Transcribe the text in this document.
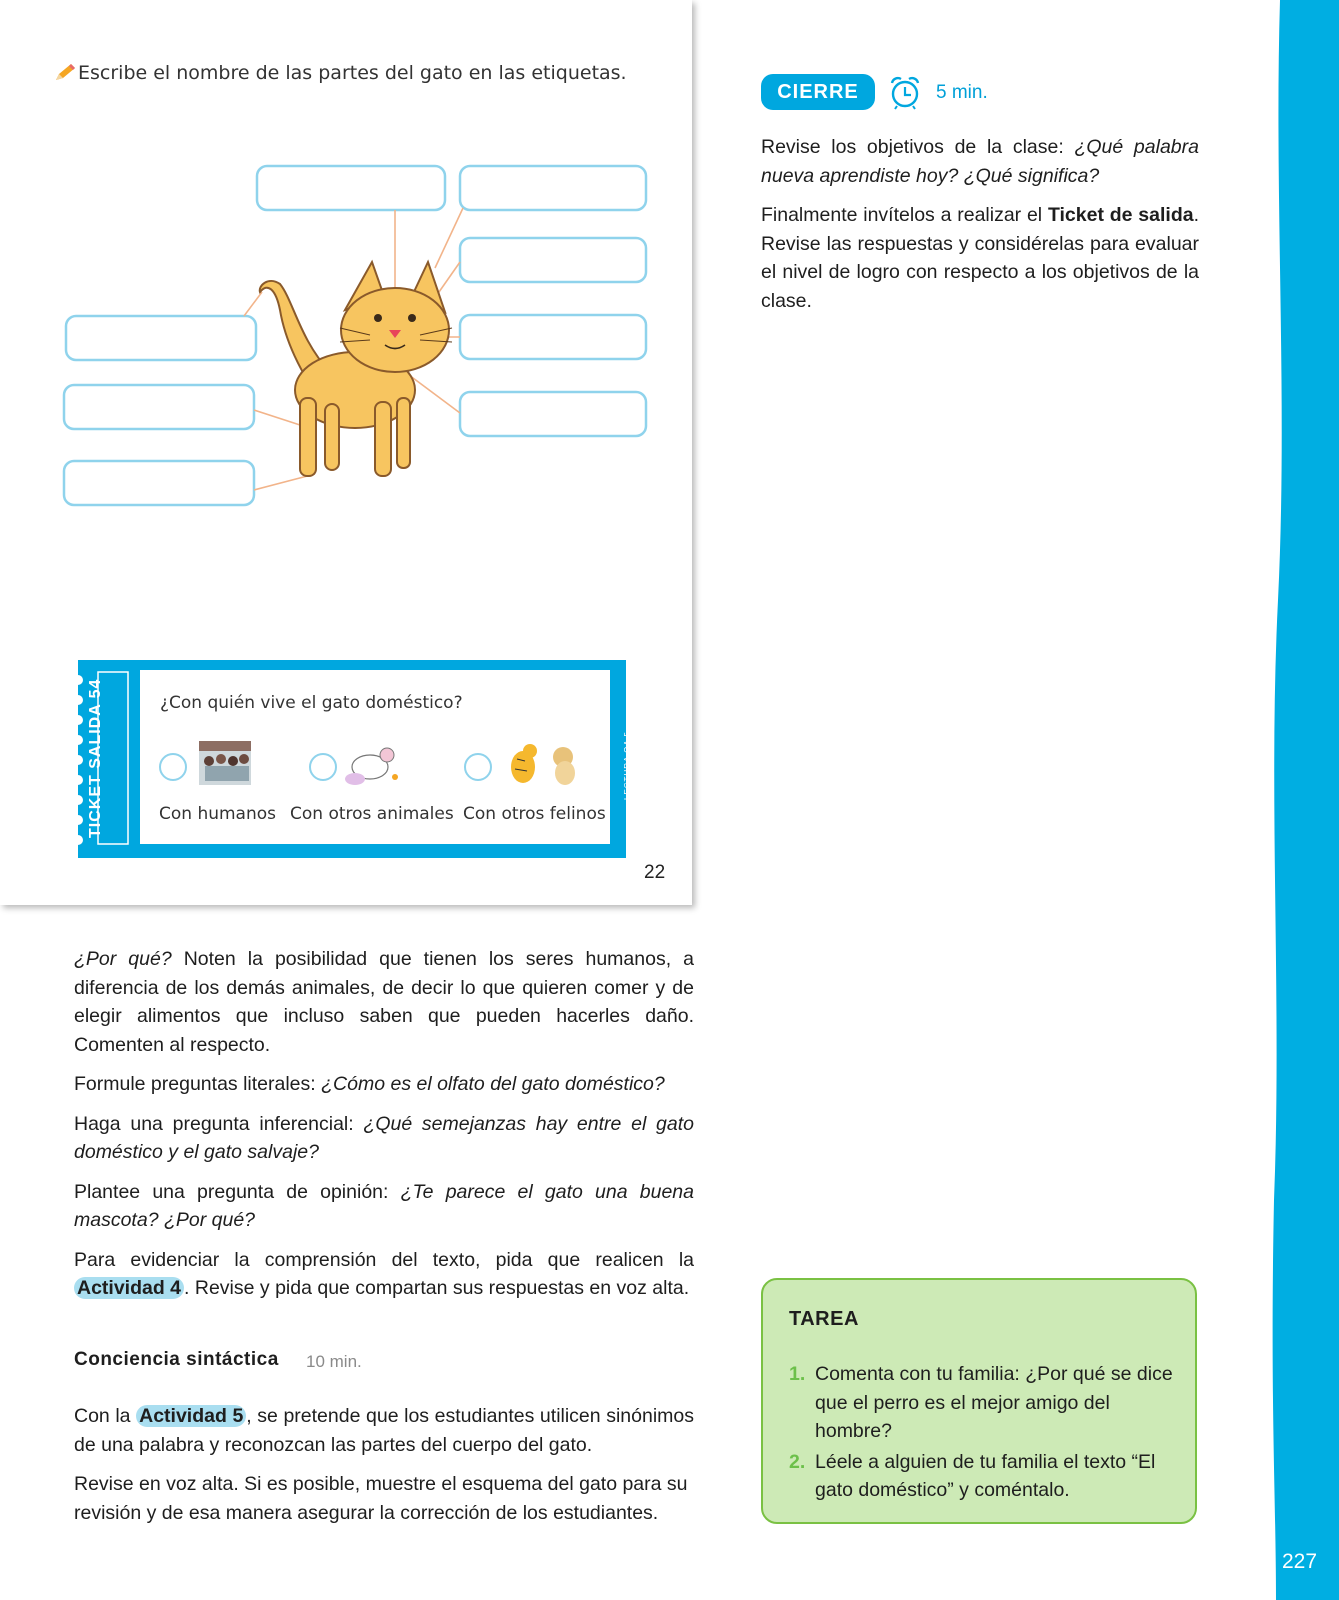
227
Escribe el nombre de las partes del gato en las etiquetas.
TICKET SALIDA 54	LECTURA OA 5
¿Con quién vive el gato doméstico?
Con humanos Con otros animales Con otros felinos
22

¿Por qué? Noten la posibilidad que tienen los seres humanos, a diferencia de los demás animales, de decir lo que quieren comer y de elegir alimentos que incluso saben que pueden hacerles daño. Comenten al respecto.

Formule preguntas literales: ¿Cómo es el olfato del gato doméstico?

Haga una pregunta inferencial: ¿Qué semejanzas hay entre el gato doméstico y el gato salvaje?

Plantee una pregunta de opinión: ¿Te parece el gato una buena mascota? ¿Por qué?

Para evidenciar la comprensión del texto, pida que realicen la Actividad 4 . Revise y pida que compartan sus respuestas en voz alta.

Conciencia sintáctica 10 min.

Con la Actividad 5 , se pretende que los estudiantes utilicen sinónimos de una palabra y reconozcan las partes del cuerpo del gato.

Revise en voz alta. Si es posible, muestre el esquema del gato para su revisión y de esa manera asegurar la corrección de los estudiantes.

CIERRE	5 min.

Revise los objetivos de la clase: ¿Qué palabra nueva aprendiste hoy? ¿Qué significa?

Finalmente invítelos a realizar el Ticket de salida. Revise las respuestas y considérelas para evaluar el nivel de logro con respecto a los objetivos de la clase.

TAREA
1. Comenta con tu familia: ¿Por qué se dice que el perro es el mejor amigo del hombre?
2. Léele a alguien de tu familia el texto “El gato doméstico” y coméntalo.
